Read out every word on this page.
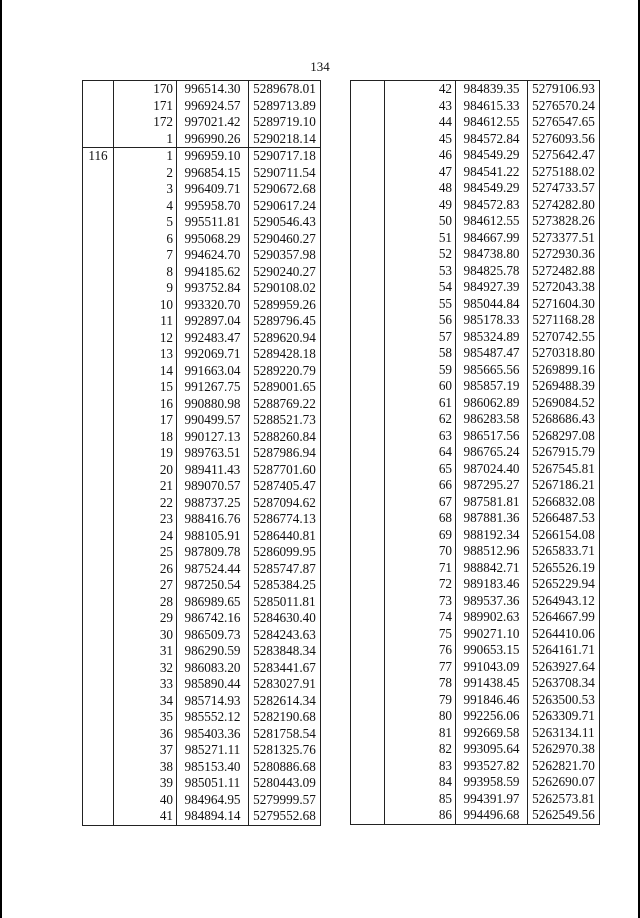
134
	170	996514.30	5289678.01
	171	996924.57	5289713.89
	172	997021.42	5289719.10
	1	996990.26	5290218.14
116	1	996959.10	5290717.18
	2	996854.15	5290711.54
	3	996409.71	5290672.68
	4	995958.70	5290617.24
	5	995511.81	5290546.43
	6	995068.29	5290460.27
	7	994624.70	5290357.98
	8	994185.62	5290240.27
	9	993752.84	5290108.02
	10	993320.70	5289959.26
	11	992897.04	5289796.45
	12	992483.47	5289620.94
	13	992069.71	5289428.18
	14	991663.04	5289220.79
	15	991267.75	5289001.65
	16	990880.98	5288769.22
	17	990499.57	5288521.73
	18	990127.13	5288260.84
	19	989763.51	5287986.94
	20	989411.43	5287701.60
	21	989070.57	5287405.47
	22	988737.25	5287094.62
	23	988416.76	5286774.13
	24	988105.91	5286440.81
	25	987809.78	5286099.95
	26	987524.44	5285747.87
	27	987250.54	5285384.25
	28	986989.65	5285011.81
	29	986742.16	5284630.40
	30	986509.73	5284243.63
	31	986290.59	5283848.34
	32	986083.20	5283441.67
	33	985890.44	5283027.91
	34	985714.93	5282614.34
	35	985552.12	5282190.68
	36	985403.36	5281758.54
	37	985271.11	5281325.76
	38	985153.40	5280886.68
	39	985051.11	5280443.09
	40	984964.95	5279999.57
	41	984894.14	5279552.68
	42	984839.35	5279106.93
	43	984615.33	5276570.24
	44	984612.55	5276547.65
	45	984572.84	5276093.56
	46	984549.29	5275642.47
	47	984541.22	5275188.02
	48	984549.29	5274733.57
	49	984572.83	5274282.80
	50	984612.55	5273828.26
	51	984667.99	5273377.51
	52	984738.80	5272930.36
	53	984825.78	5272482.88
	54	984927.39	5272043.38
	55	985044.84	5271604.30
	56	985178.33	5271168.28
	57	985324.89	5270742.55
	58	985487.47	5270318.80
	59	985665.56	5269899.16
	60	985857.19	5269488.39
	61	986062.89	5269084.52
	62	986283.58	5268686.43
	63	986517.56	5268297.08
	64	986765.24	5267915.79
	65	987024.40	5267545.81
	66	987295.27	5267186.21
	67	987581.81	5266832.08
	68	987881.36	5266487.53
	69	988192.34	5266154.08
	70	988512.96	5265833.71
	71	988842.71	5265526.19
	72	989183.46	5265229.94
	73	989537.36	5264943.12
	74	989902.63	5264667.99
	75	990271.10	5264410.06
	76	990653.15	5264161.71
	77	991043.09	5263927.64
	78	991438.45	5263708.34
	79	991846.46	5263500.53
	80	992256.06	5263309.71
	81	992669.58	5263134.11
	82	993095.64	5262970.38
	83	993527.82	5262821.70
	84	993958.59	5262690.07
	85	994391.97	5262573.81
	86	994496.68	5262549.56
